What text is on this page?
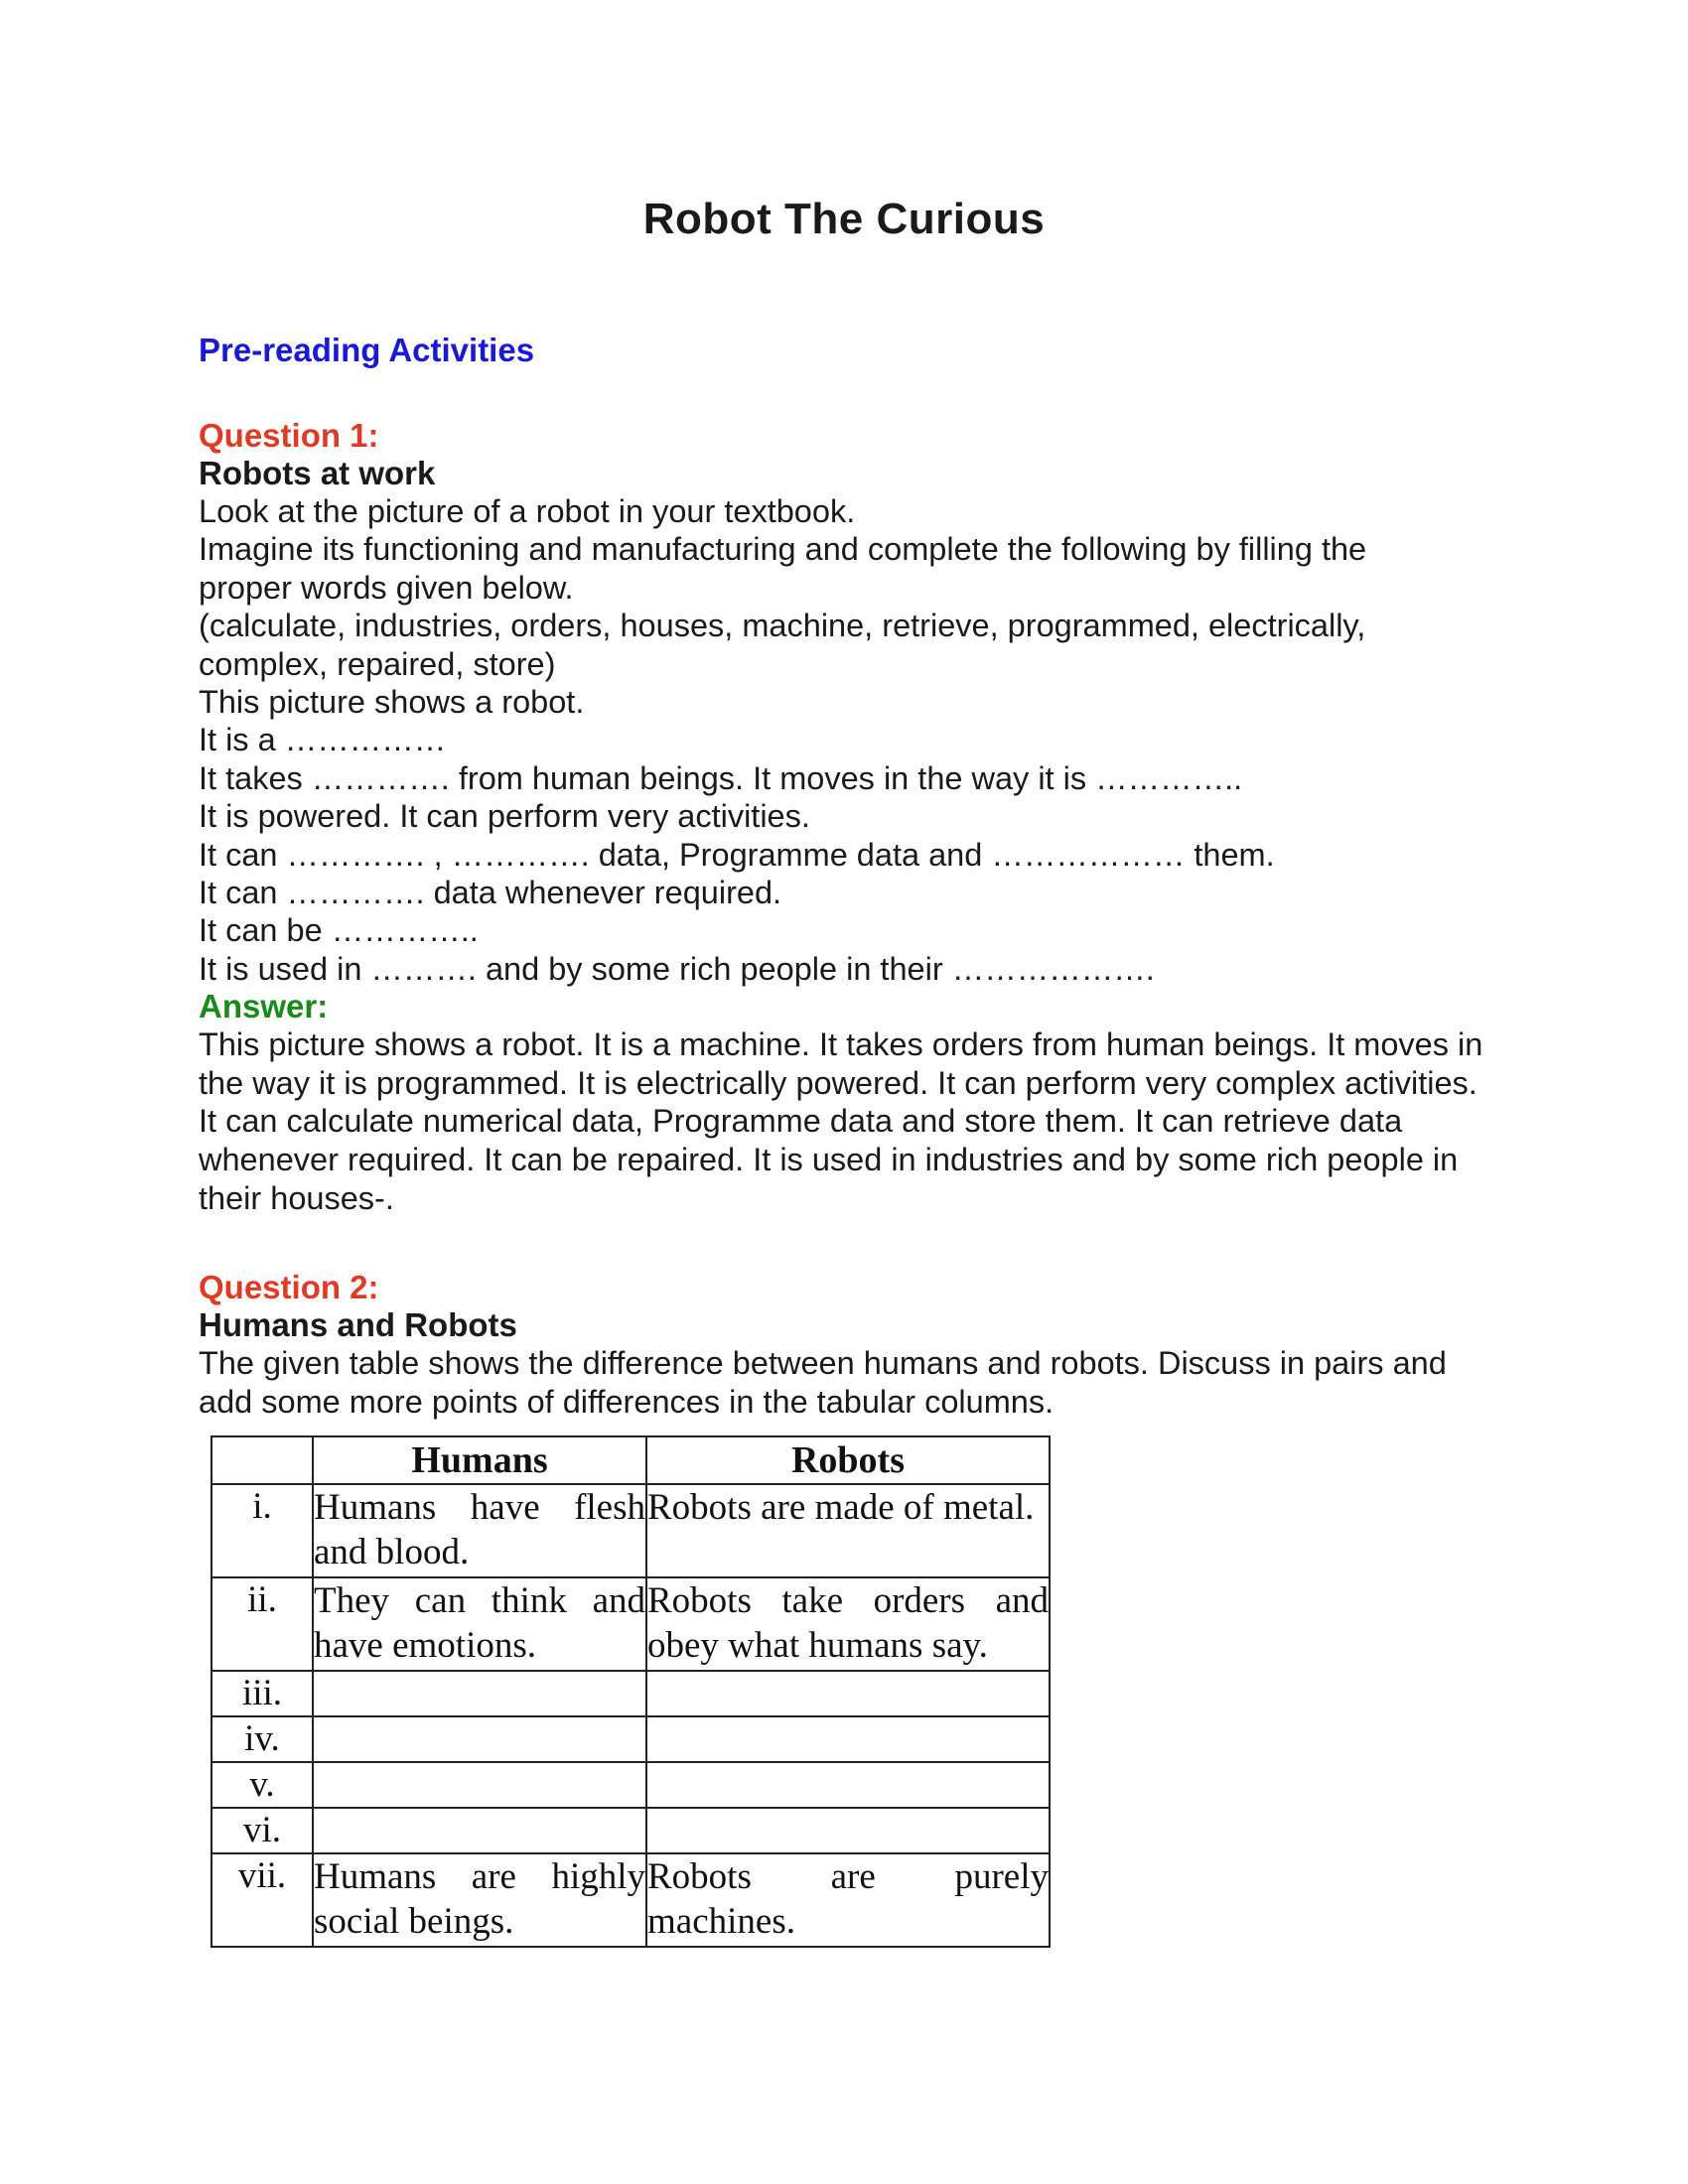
Robot The Curious

Pre-reading Activities

Question 1:

Robots at work

Look at the picture of a robot in your textbook.

Imagine its functioning and manufacturing and complete the following by filling the

proper words given below.

(calculate, industries, orders, houses, machine, retrieve, programmed, electrically,

complex, repaired, store)

This picture shows a robot.

It is a ……………

It takes …………. from human beings. It moves in the way it is …………..

It is powered. It can perform very activities.

It can …………. , …………. data, Programme data and ……………… them.

It can …………. data whenever required.

It can be …………..

It is used in ………. and by some rich people in their ……………….

Answer:

This picture shows a robot. It is a machine. It takes orders from human beings. It moves in the way it is programmed. It is electrically powered. It can perform very complex activities. It can calculate numerical data, Programme data and store them. It can retrieve data whenever required. It can be repaired. It is used in industries and by some rich people in their houses-.

Question 2:

Humans and Robots

The given table shows the difference between humans and robots. Discuss in pairs and add some more points of differences in the tabular columns.

	Humans	Robots
i.	Humans have flesh and blood.	Robots are made of metal.
ii.	They can think and have emotions.	Robots take orders and obey what humans say.
iii.		
iv.		
v.		
vi.		
vii.	Humans are highly social beings.	Robots are purely machines.
